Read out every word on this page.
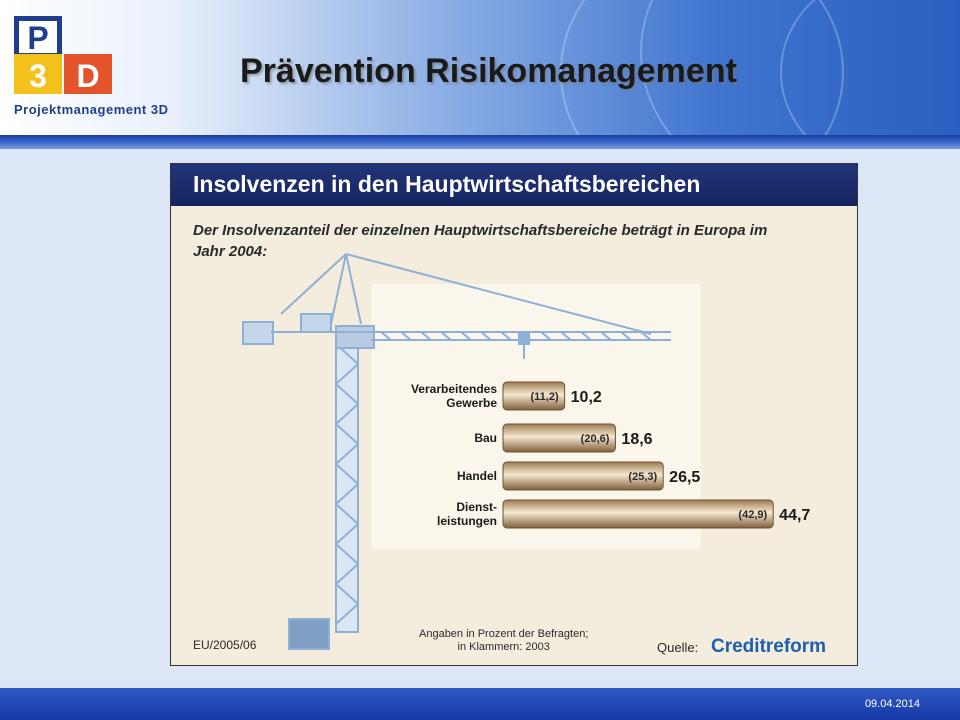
P
3 D
Projektmanagement 3D
Prävention Risikomanagement
Insolvenzen in den Hauptwirtschaftsbereichen
Der Insolvenzanteil der einzelnen Hauptwirtschaftsbereiche beträgt in Europa im Jahr 2004:
(11,2) 10,2
Verarbeitendes
Gewerbe
(20,6) 18,6
Bau
(25,3) 26,5
Handel
(42,9) 44,7
Dienst-
leistungen
EU/2005/06
Angaben in Prozent der Befragten;
in Klammern: 2003	Quelle: Creditreform
09.04.2014
